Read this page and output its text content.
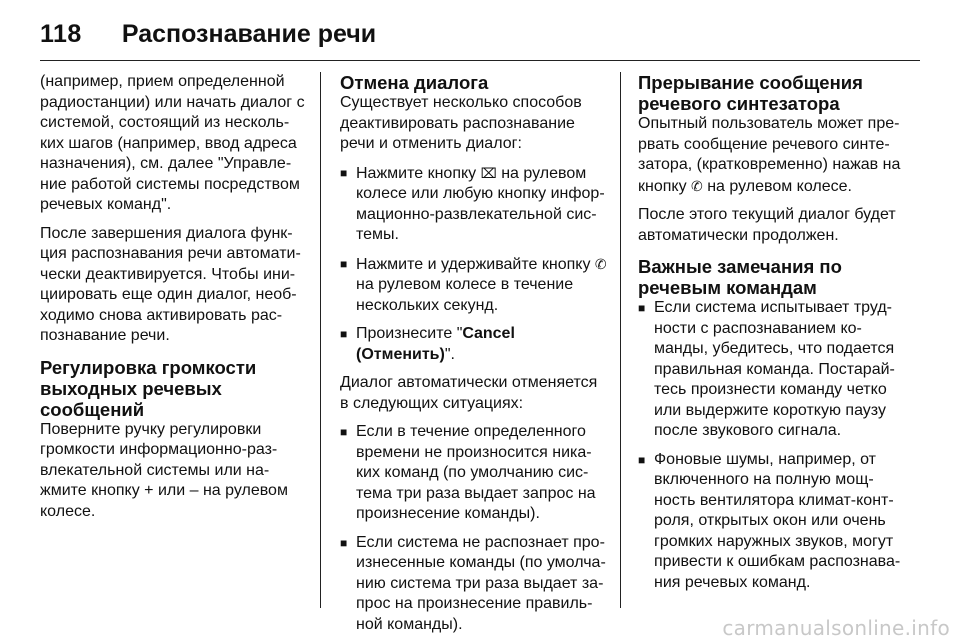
118 Распознавание речи

(например, прием определенной радиостанции) или начать диалог с системой, состоящий из несколь-ких шагов (например, ввод адреса назначения), см. далее "Управле-ние работой системы посредством речевых команд".

После завершения диалога функ-ция распознавания речи автомати-чески деактивируется. Чтобы ини-циировать еще один диалог, необ-ходимо снова активировать рас-познавание речи.

Регулировка громкости выходных речевых сообщений

Поверните ручку регулировки громкости информационно-раз-влекательной системы или на-жмите кнопку + или – на рулевом колесе.

Отмена диалога

Существует несколько способов деактивировать распознавание речи и отменить диалог:

■ Нажмите кнопку ⌧ на рулевом колесе или любую кнопку инфор-мационно-развлекательной сис-темы.
■ Нажмите и удерживайте кнопку ✆ на рулевом колесе в течение нескольких секунд.
■ Произнесите "Cancel (Отменить)".

Диалог автоматически отменяется в следующих ситуациях:

■ Если в течение определенного времени не произносится ника-ких команд (по умолчанию сис-тема три раза выдает запрос на произнесение команды).
■ Если система не распознает про-изнесенные команды (по умолча-нию система три раза выдает за-прос на произнесение правиль-ной команды).
Прерывание сообщения речевого синтезатора

Опытный пользователь может пре-рвать сообщение речевого синте-затора, (кратковременно) нажав на кнопку ✆ на рулевом колесе.

После этого текущий диалог будет автоматически продолжен.

Важные замечания по речевым командам
■ Если система испытывает труд-ности с распознаванием ко-манды, убедитесь, что подается правильная команда. Постарай-тесь произнести команду четко или выдержите короткую паузу после звукового сигнала.
■ Фоновые шумы, например, от включенного на полную мощ-ность вентилятора климат-конт-роля, открытых окон или очень громких наружных звуков, могут привести к ошибкам распознава-ния речевых команд.
carmanualsonline.info
